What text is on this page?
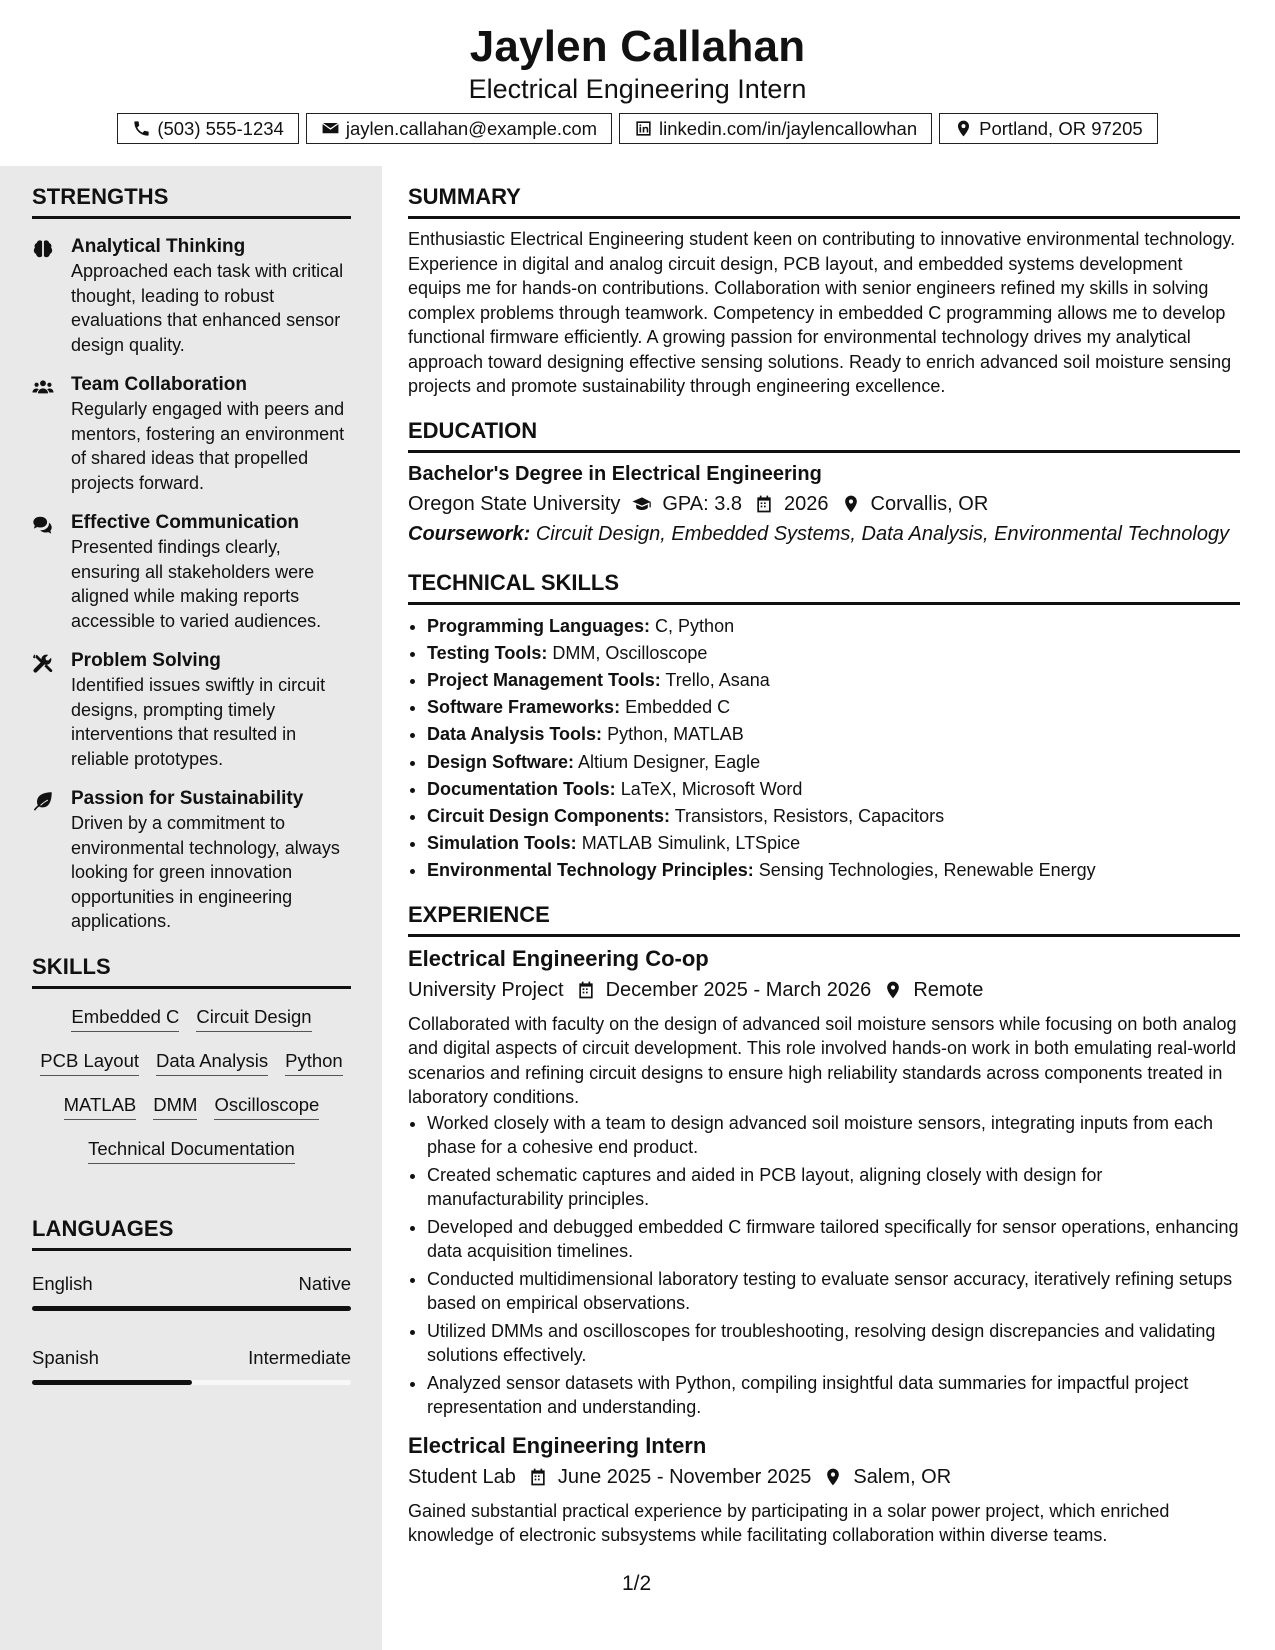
Jaylen Callahan
Electrical Engineering Intern
(503) 555-1234	jaylen.callahan@example.com	linkedin.com/in/jaylencallowhan	Portland, OR 97205
STRENGTHS
Analytical Thinking
Approached each task with critical thought, leading to robust evaluations that enhanced sensor design quality.
Team Collaboration
Regularly engaged with peers and mentors, fostering an environment of shared ideas that propelled projects forward.
Effective Communication
Presented findings clearly, ensuring all stakeholders were aligned while making reports accessible to varied audiences.
Problem Solving
Identified issues swiftly in circuit designs, prompting timely interventions that resulted in reliable prototypes.
Passion for Sustainability
Driven by a commitment to environmental technology, always looking for green innovation opportunities in engineering applications.
SKILLS
Embedded C Circuit Design
PCB Layout Data Analysis Python
MATLAB DMM Oscilloscope
Technical Documentation
LANGUAGES
English	Native
Spanish	Intermediate
SUMMARY
Enthusiastic Electrical Engineering student keen on contributing to innovative environmental technology. Experience in digital and analog circuit design, PCB layout, and embedded systems development equips me for hands-on contributions. Collaboration with senior engineers refined my skills in solving complex problems through teamwork. Competency in embedded C programming allows me to develop functional firmware efficiently. A growing passion for environmental technology drives my analytical approach toward designing effective sensing solutions. Ready to enrich advanced soil moisture sensing projects and promote sustainability through engineering excellence.
EDUCATION
Bachelor's Degree in Electrical Engineering
Oregon State University GPA: 3.8 2026 Corvallis, OR
Coursework: Circuit Design, Embedded Systems, Data Analysis, Environmental Technology
TECHNICAL SKILLS
• Programming Languages: C, Python
• Testing Tools: DMM, Oscilloscope
• Project Management Tools: Trello, Asana
• Software Frameworks: Embedded C
• Data Analysis Tools: Python, MATLAB
• Design Software: Altium Designer, Eagle
• Documentation Tools: LaTeX, Microsoft Word
• Circuit Design Components: Transistors, Resistors, Capacitors
• Simulation Tools: MATLAB Simulink, LTSpice
• Environmental Technology Principles: Sensing Technologies, Renewable Energy
EXPERIENCE
Electrical Engineering Co-op
University Project December 2025 - March 2026 Remote
Collaborated with faculty on the design of advanced soil moisture sensors while focusing on both analog and digital aspects of circuit development. This role involved hands-on work in both emulating real-world scenarios and refining circuit designs to ensure high reliability standards across components treated in laboratory conditions.
• Worked closely with a team to design advanced soil moisture sensors, integrating inputs from each phase for a cohesive end product.
• Created schematic captures and aided in PCB layout, aligning closely with design for manufacturability principles.
• Developed and debugged embedded C firmware tailored specifically for sensor operations, enhancing data acquisition timelines.
• Conducted multidimensional laboratory testing to evaluate sensor accuracy, iteratively refining setups based on empirical observations.
• Utilized DMMs and oscilloscopes for troubleshooting, resolving design discrepancies and validating solutions effectively.
• Analyzed sensor datasets with Python, compiling insightful data summaries for impactful project representation and understanding.
Electrical Engineering Intern
Student Lab June 2025 - November 2025 Salem, OR
Gained substantial practical experience by participating in a solar power project, which enriched knowledge of electronic subsystems while facilitating collaboration within diverse teams.
1/2
